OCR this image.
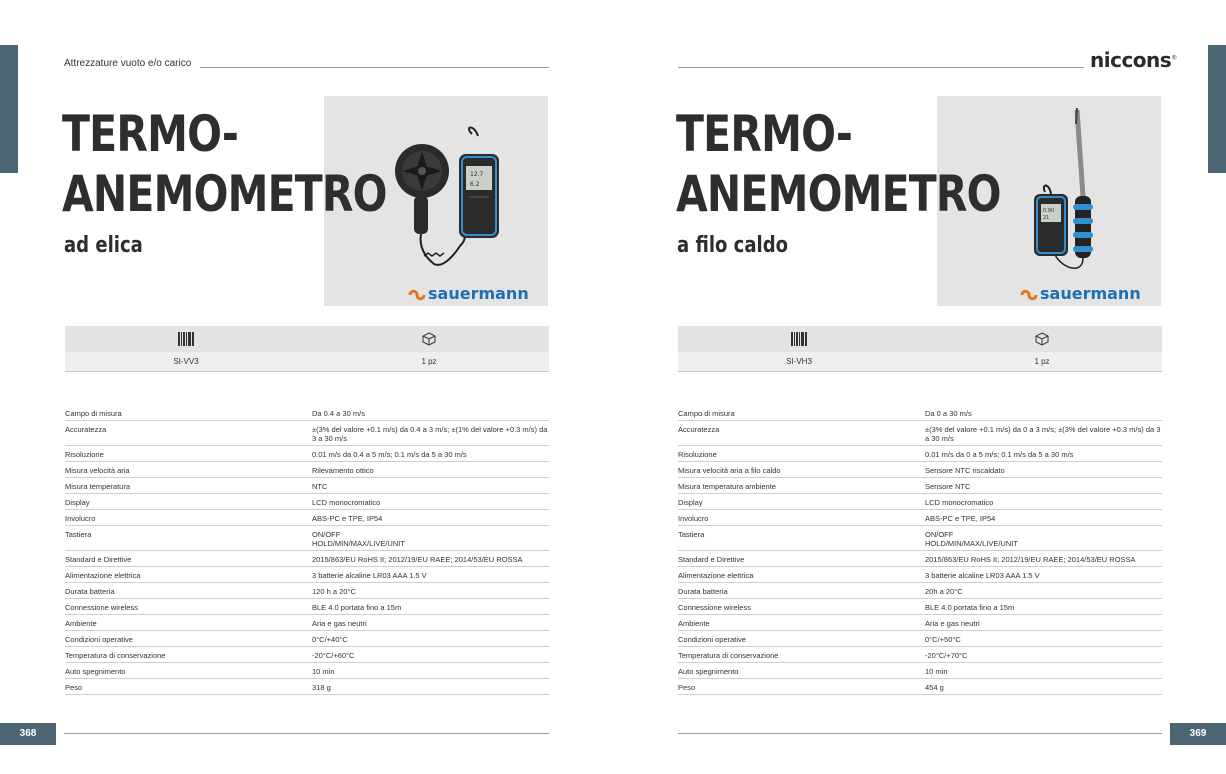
Attrezzature vuoto e/o carico	niccons®
12.7
6.2
0.90
21
TERMO-
ANEMOMETRO
ad elica
TERMO-
ANEMOMETRO
a filo caldo
sauermann	sauermann
SI-VV3	1 pz	SI-VH3	1 pz
Campo di misura	Da 0.4 a 30 m/s
Accuratezza	±(3% del valore +0.1 m/s) da 0.4 a 3 m/s; ±(1% del valore +0.3 m/s) da 3 a 30 m/s
Risoluzione	0.01 m/s da 0.4 a 5 m/s; 0.1 m/s da 5 a 30 m/s
Misura velocità aria	Rilevamento ottico
Misura temperatura	NTC
Display	LCD monocromatico
Involucro	ABS-PC e TPE, IP54
Tastiera	ON/OFF
HOLD/MIN/MAX/LIVE/UNIT
Standard e Direttive	2015/863/EU RoHS II; 2012/19/EU RAEE; 2014/53/EU ROSSA
Alimentazione elettrica	3 batterie alcaline LR03 AAA 1.5 V
Durata batteria	120 h a 20°C
Connessione wireless	BLE 4.0 portata fino a 15m
Ambiente	Aria e gas neutri
Condizioni operative	0°C/+40°C
Temperatura di conservazione	-20°C/+60°C
Auto spegnimento	10 min
Peso	318 g
Campo di misura	Da 0 a 30 m/s
Accuratezza	±(3% del valore +0.1 m/s) da 0 a 3 m/s; ±(3% del valore +0.3 m/s) da 3 a 30 m/s
Risoluzione	0.01 m/s da 0 a 5 m/s; 0.1 m/s da 5 a 30 m/s
Misura velocità aria a filo caldo	Sensore NTC riscaldato
Misura temperatura ambiente	Sensore NTC
Display	LCD monocromatico
Involucro	ABS-PC e TPE, IP54
Tastiera	ON/OFF
HOLD/MIN/MAX/LIVE/UNIT
Standard e Direttive	2015/863/EU RoHS II; 2012/19/EU RAEE; 2014/53/EU ROSSA
Alimentazione elettrica	3 batterie alcaline LR03 AAA 1.5 V
Durata batteria	20h a 20°C
Connessione wireless	BLE 4.0 portata fino a 15m
Ambiente	Aria e gas neutri
Condizioni operative	0°C/+50°C
Temperatura di conservazione	-20°C/+70°C
Auto spegnimento	10 min
Peso	454 g
368	369
